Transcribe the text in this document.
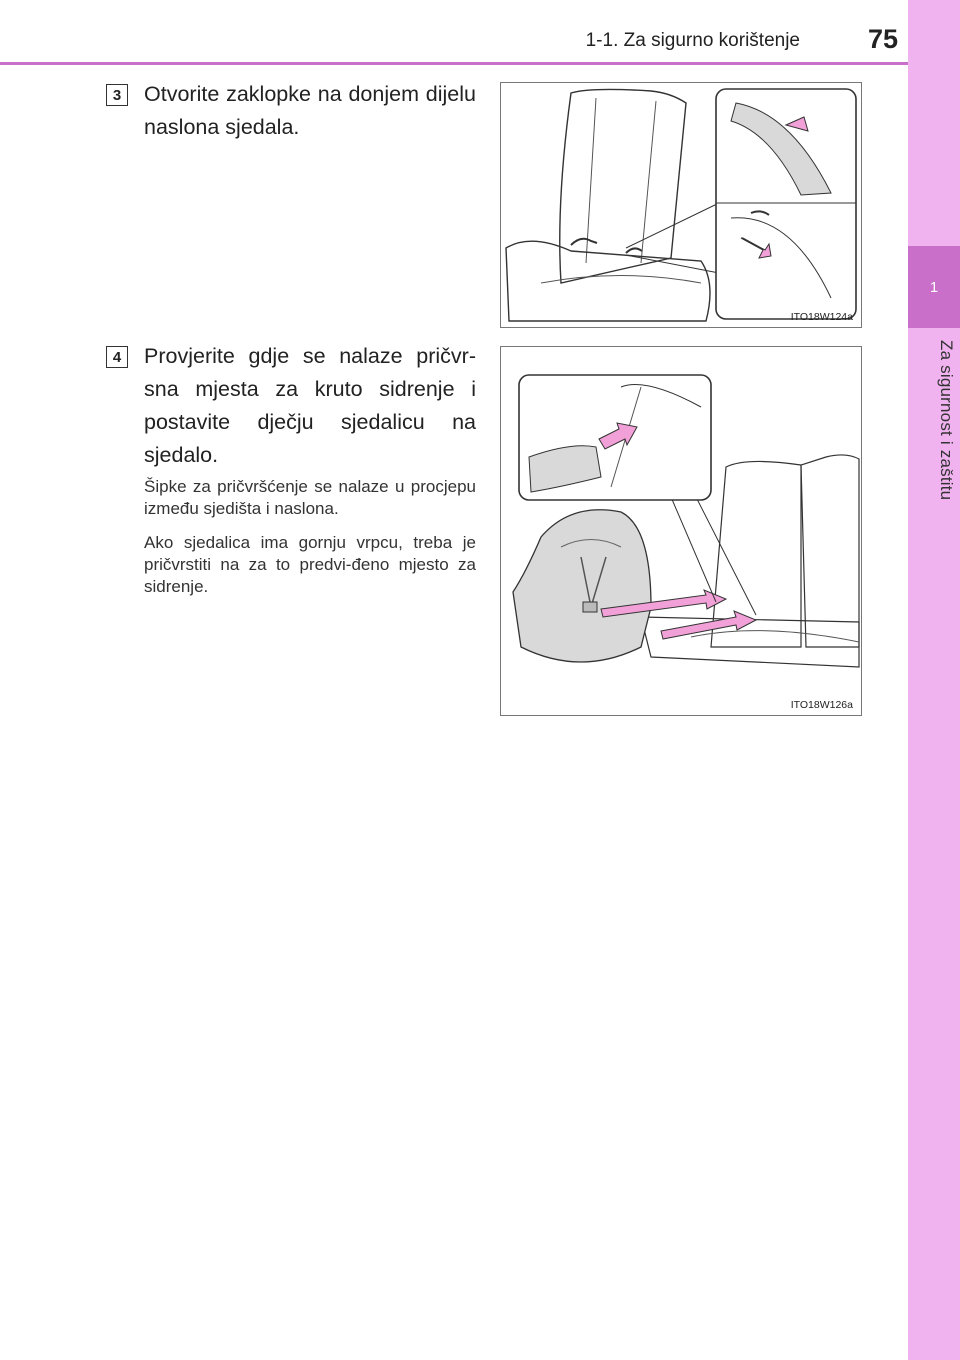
1-1. Za sigurno korištenje	75
1
Za sigurnost i zaštitu
3	Otvorite zaklopke na donjem dijelu naslona sjedala.
ITO18W124a
4	Provjerite gdje se nalaze pričvr-sna mjesta za kruto sidrenje i postavite dječju sjedalicu na sjedalo.
Šipke za pričvršćenje se nalaze u procjepu između sjedišta i naslona.
Ako sjedalica ima gornju vrpcu, treba je pričvrstiti na za to predvi-đeno mjesto za sidrenje.
ITO18W126a
